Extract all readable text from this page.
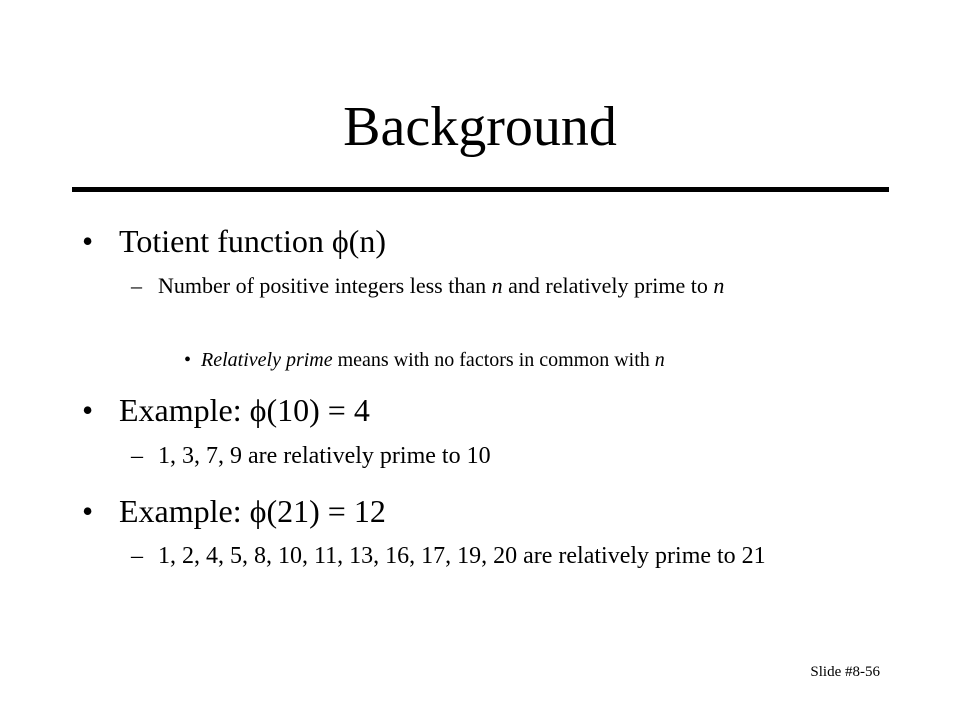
Background
• Totient function ϕ(n)
– Number of positive integers less than n and relatively prime to n
• Relatively prime means with no factors in common with n
• Example: ϕ(10) = 4
– 1, 3, 7, 9 are relatively prime to 10
• Example: ϕ(21) = 12
– 1, 2, 4, 5, 8, 10, 11, 13, 16, 17, 19, 20 are relatively prime to 21
Slide #8-56
